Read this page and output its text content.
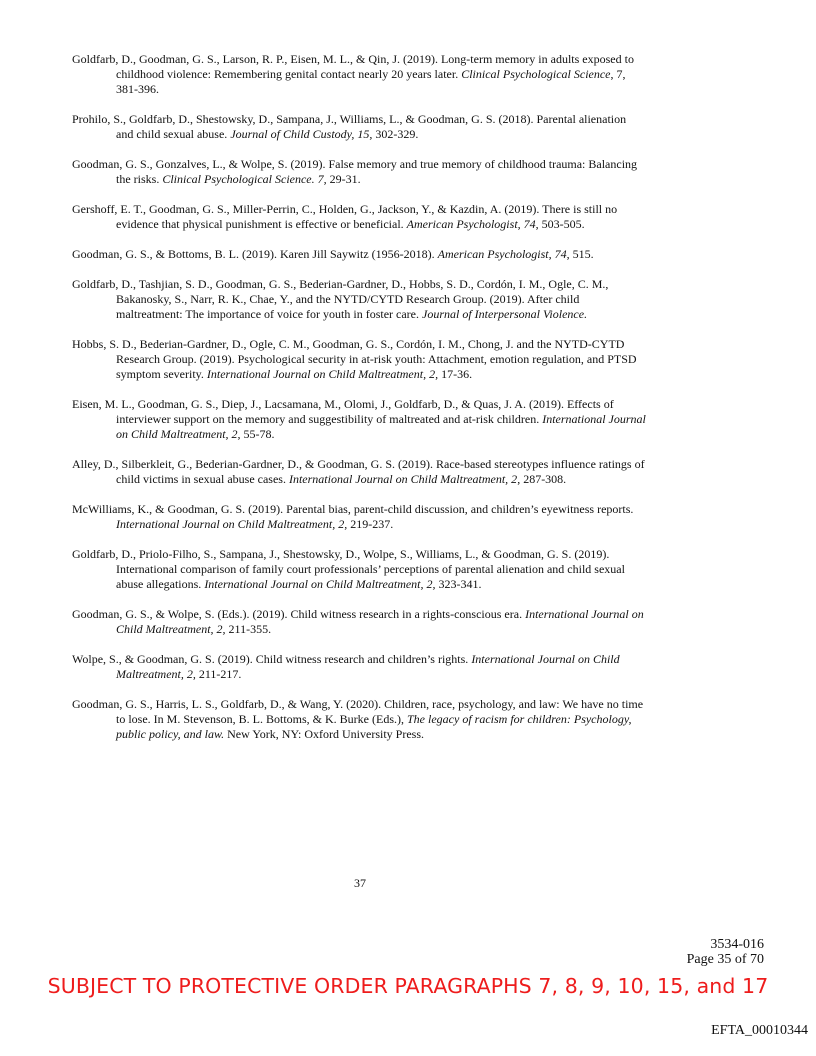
Goldfarb, D., Goodman, G. S., Larson, R. P., Eisen, M. L., & Qin, J. (2019). Long-term memory in adults exposed to childhood violence: Remembering genital contact nearly 20 years later. Clinical Psychological Science, 7, 381-396.

Prohilo, S., Goldfarb, D., Shestowsky, D., Sampana, J., Williams, L., & Goodman, G. S. (2018). Parental alienation and child sexual abuse. Journal of Child Custody, 15, 302-329.

Goodman, G. S., Gonzalves, L., & Wolpe, S. (2019). False memory and true memory of childhood trauma: Balancing the risks. Clinical Psychological Science. 7, 29-31.

Gershoff, E. T., Goodman, G. S., Miller-Perrin, C., Holden, G., Jackson, Y., & Kazdin, A. (2019). There is still no evidence that physical punishment is effective or beneficial. American Psychologist, 74, 503-505.

Goodman, G. S., & Bottoms, B. L. (2019). Karen Jill Saywitz (1956-2018). American Psychologist, 74, 515.

Goldfarb, D., Tashjian, S. D., Goodman, G. S., Bederian-Gardner, D., Hobbs, S. D., Cordón, I. M., Ogle, C. M., Bakanosky, S., Narr, R. K., Chae, Y., and the NYTD/CYTD Research Group. (2019). After child maltreatment: The importance of voice for youth in foster care. Journal of Interpersonal Violence.

Hobbs, S. D., Bederian-Gardner, D., Ogle, C. M., Goodman, G. S., Cordón, I. M., Chong, J. and the NYTD-CYTD Research Group. (2019). Psychological security in at-risk youth: Attachment, emotion regulation, and PTSD symptom severity. International Journal on Child Maltreatment, 2, 17-36.

Eisen, M. L., Goodman, G. S., Diep, J., Lacsamana, M., Olomi, J., Goldfarb, D., & Quas, J. A. (2019). Effects of interviewer support on the memory and suggestibility of maltreated and at-risk children. International Journal on Child Maltreatment, 2, 55-78.

Alley, D., Silberkleit, G., Bederian-Gardner, D., & Goodman, G. S. (2019). Race-based stereotypes influence ratings of child victims in sexual abuse cases. International Journal on Child Maltreatment, 2, 287-308.

McWilliams, K., & Goodman, G. S. (2019). Parental bias, parent-child discussion, and children’s eyewitness reports. International Journal on Child Maltreatment, 2, 219-237.

Goldfarb, D., Priolo-Filho, S., Sampana, J., Shestowsky, D., Wolpe, S., Williams, L., & Goodman, G. S. (2019). International comparison of family court professionals’ perceptions of parental alienation and child sexual abuse allegations. International Journal on Child Maltreatment, 2, 323-341.

Goodman, G. S., & Wolpe, S. (Eds.). (2019). Child witness research in a rights-conscious era. International Journal on Child Maltreatment, 2, 211-355.

Wolpe, S., & Goodman, G. S. (2019). Child witness research and children’s rights. International Journal on Child Maltreatment, 2, 211-217.

Goodman, G. S., Harris, L. S., Goldfarb, D., & Wang, Y. (2020). Children, race, psychology, and law: We have no time to lose. In M. Stevenson, B. L. Bottoms, & K. Burke (Eds.), The legacy of racism for children: Psychology, public policy, and law. New York, NY: Oxford University Press.

37
3534-016
Page 35 of 70
SUBJECT TO PROTECTIVE ORDER PARAGRAPHS 7, 8, 9, 10, 15, and 17
EFTA_00010344
